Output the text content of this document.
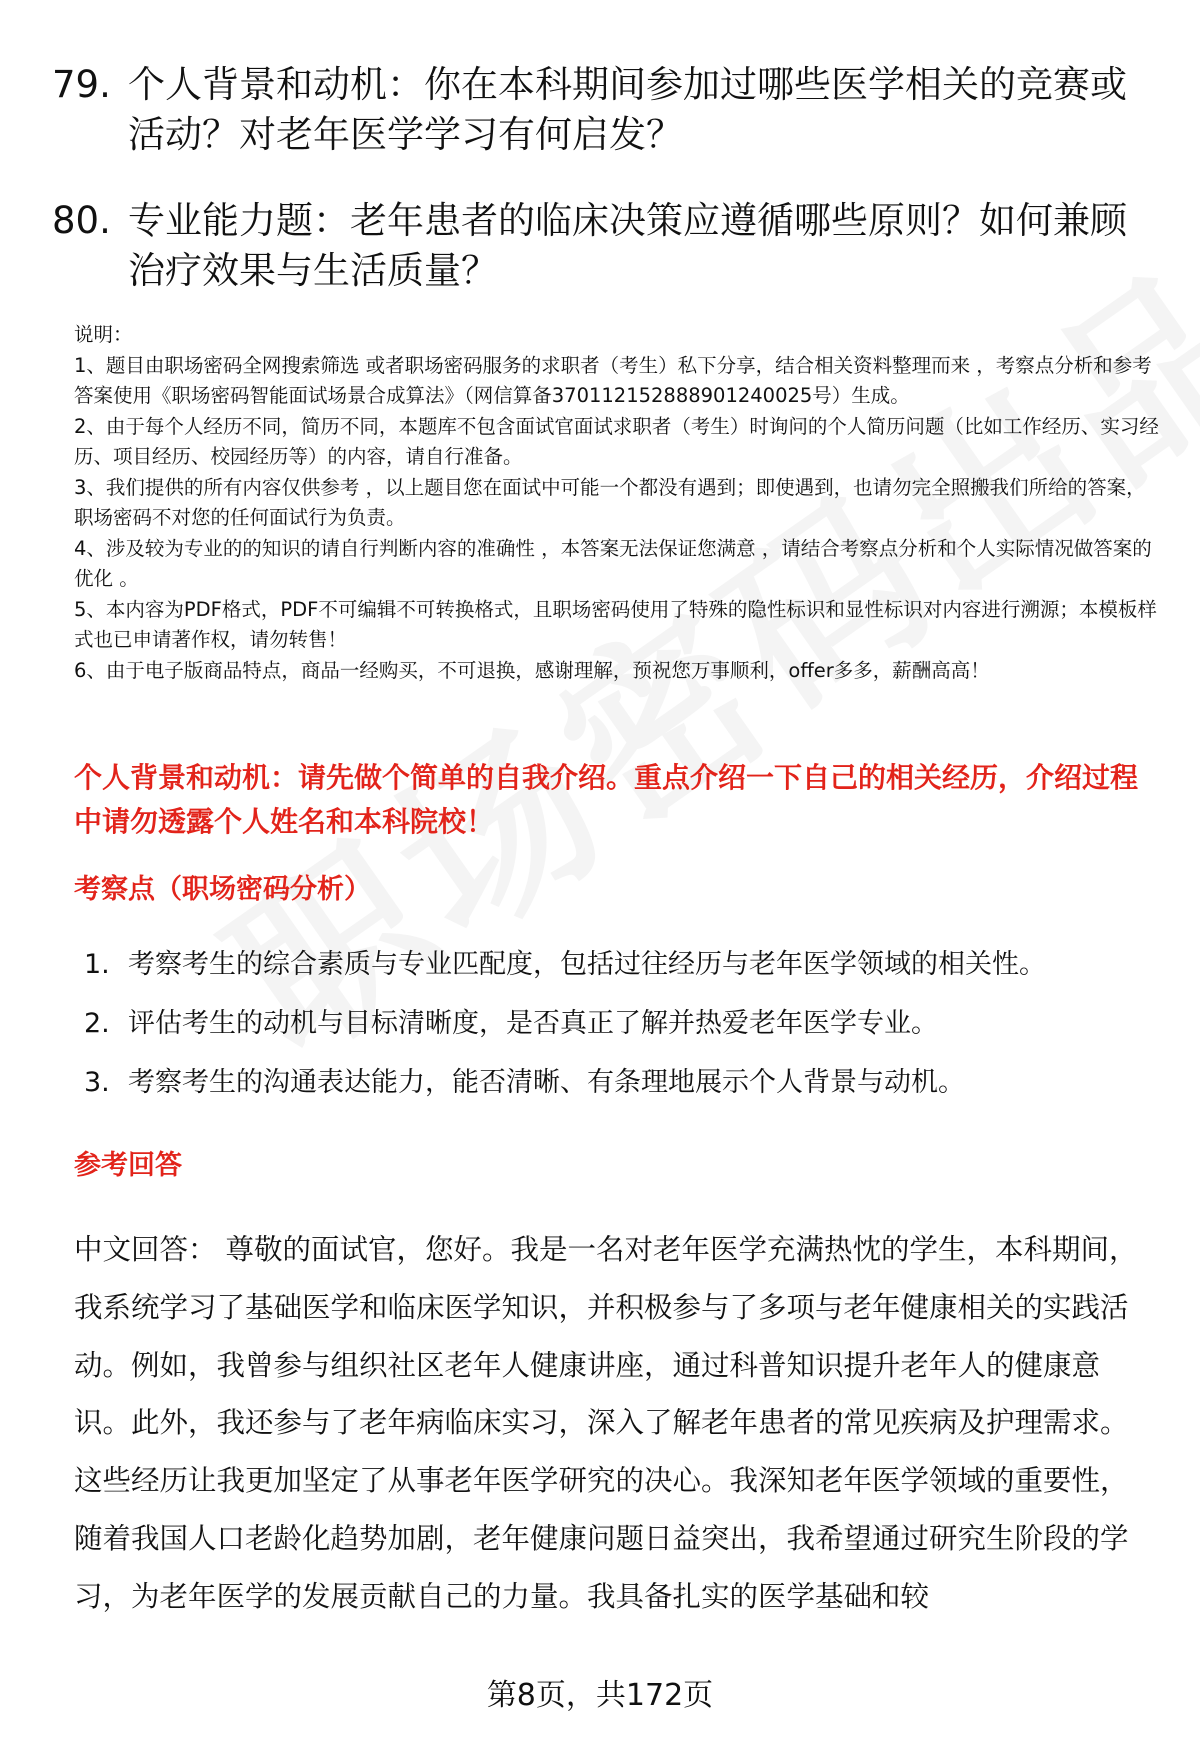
79. 个人背景和动机：你在本科期间参加过哪些医学相关的竞赛或活动？对老年医学学习有何启发？
80. 专业能力题：老年患者的临床决策应遵循哪些原则？如何兼顾治疗效果与生活质量？
说明：
1、题目由职场密码全网搜索筛选 或者职场密码服务的求职者（考生）私下分享，结合相关资料整理而来 ，考察点分析和参考答案使用《职场密码智能面试场景合成算法》（网信算备370112152888901240025号）生成。
2、由于每个人经历不同，简历不同，本题库不包含面试官面试求职者（考生）时询问的个人简历问题（比如工作经历、实习经历、项目经历、校园经历等）的内容，请自行准备。
3、我们提供的所有内容仅供参考 ，以上题目您在面试中可能一个都没有遇到；即使遇到，也请勿完全照搬我们所给的答案，职场密码不对您的任何面试行为负责。
4、涉及较为专业的的知识的请自行判断内容的准确性 ，本答案无法保证您满意 ，请结合考察点分析和个人实际情况做答案的优化 。
5、本内容为PDF格式，PDF不可编辑不可转换格式，且职场密码使用了特殊的隐性标识和显性标识对内容进行溯源；本模板样式也已申请著作权，请勿转售！
6、由于电子版商品特点，商品一经购买，不可退换，感谢理解，预祝您万事顺利，offer多多，薪酬高高！
个人背景和动机：请先做个简单的自我介绍。重点介绍一下自己的相关经历，介绍过程中请勿透露个人姓名和本科院校！
考察点（职场密码分析）
1. 考察考生的综合素质与专业匹配度，包括过往经历与老年医学领域的相关性。
2. 评估考生的动机与目标清晰度，是否真正了解并热爱老年医学专业。
3. 考察考生的沟通表达能力，能否清晰、有条理地展示个人背景与动机。
参考回答
中文回答： 尊敬的面试官，您好。我是一名对老年医学充满热忱的学生，本科期间，我系统学习了基础医学和临床医学知识，并积极参与了多项与老年健康相关的实践活动。例如，我曾参与组织社区老年人健康讲座，通过科普知识提升老年人的健康意识。此外，我还参与了老年病临床实习，深入了解老年患者的常见疾病及护理需求。这些经历让我更加坚定了从事老年医学研究的决心。我深知老年医学领域的重要性，随着我国人口老龄化趋势加剧，老年健康问题日益突出，我希望通过研究生阶段的学习，为老年医学的发展贡献自己的力量。我具备扎实的医学基础和较
第8页，共172页
